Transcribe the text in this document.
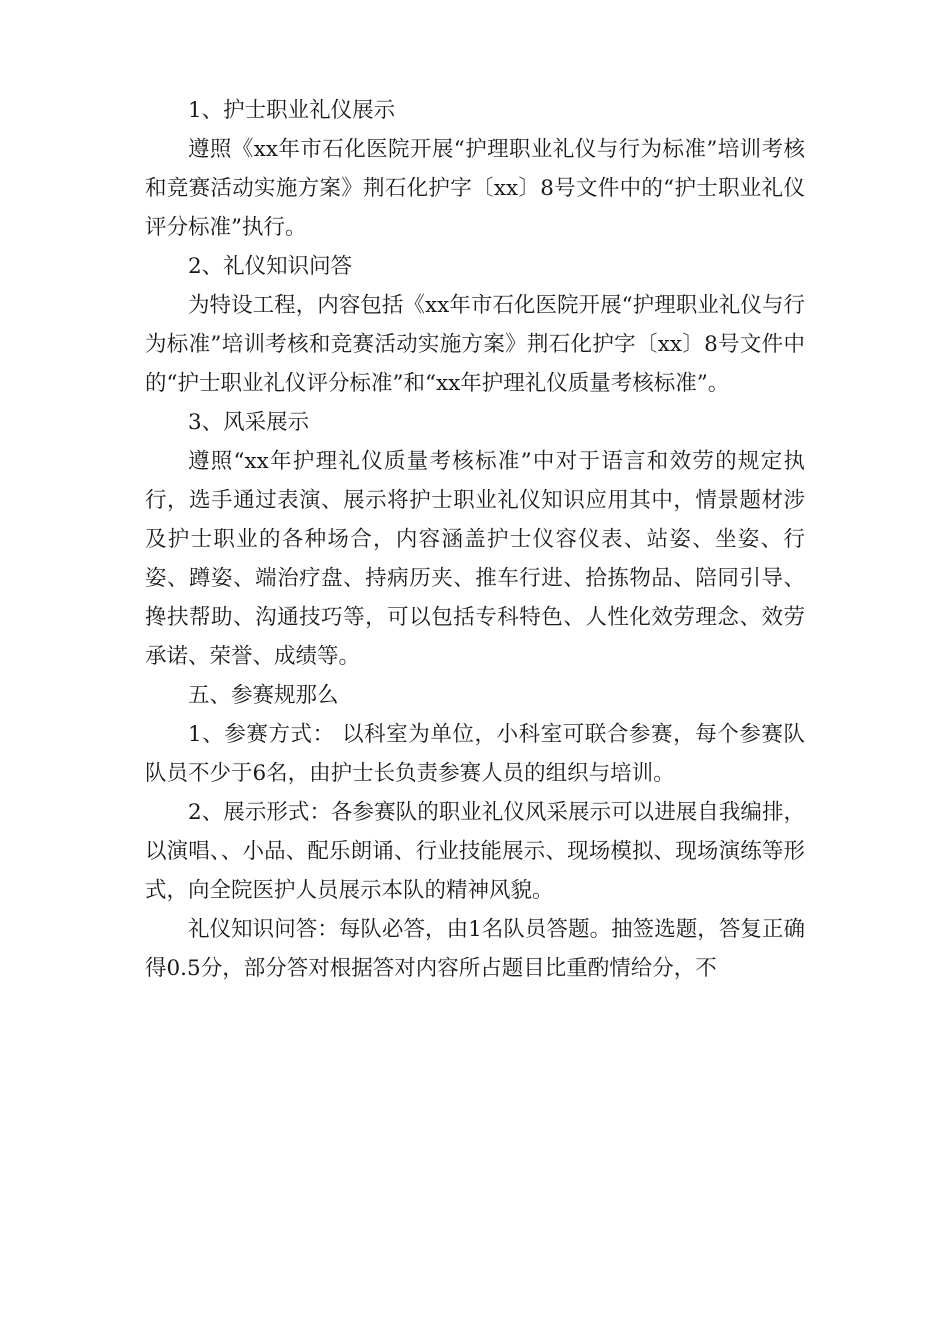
1、护士职业礼仪展示

遵照《xx年市石化医院开展“护理职业礼仪与行为标准”培训考核和竞赛活动实施方案》荆石化护字〔xx〕8号文件中的“护士职业礼仪评分标准”执行。

2、礼仪知识问答

为特设工程，内容包括《xx年市石化医院开展“护理职业礼仪与行为标准”培训考核和竞赛活动实施方案》荆石化护字〔xx〕8号文件中的“护士职业礼仪评分标准”和“xx年护理礼仪质量考核标准”。

3、风采展示

遵照“xx年护理礼仪质量考核标准”中对于语言和效劳的规定执行，选手通过表演、展示将护士职业礼仪知识应用其中，情景题材涉及护士职业的各种场合，内容涵盖护士仪容仪表、站姿、坐姿、行姿、蹲姿、端治疗盘、持病历夹、推车行进、拾拣物品、陪同引导、搀扶帮助、沟通技巧等，可以包括专科特色、人性化效劳理念、效劳承诺、荣誉、成绩等。

五、参赛规那么

1、参赛方式： 以科室为单位，小科室可联合参赛，每个参赛队队员不少于6名，由护士长负责参赛人员的组织与培训。

2、展示形式：各参赛队的职业礼仪风采展示可以进展自我编排，以演唱、、小品、配乐朗诵、行业技能展示、现场模拟、现场演练等形式，向全院医护人员展示本队的精神风貌。

礼仪知识问答：每队必答，由1名队员答题。抽签选题，答复正确得0.5分，部分答对根据答对内容所占题目比重酌情给分，不
